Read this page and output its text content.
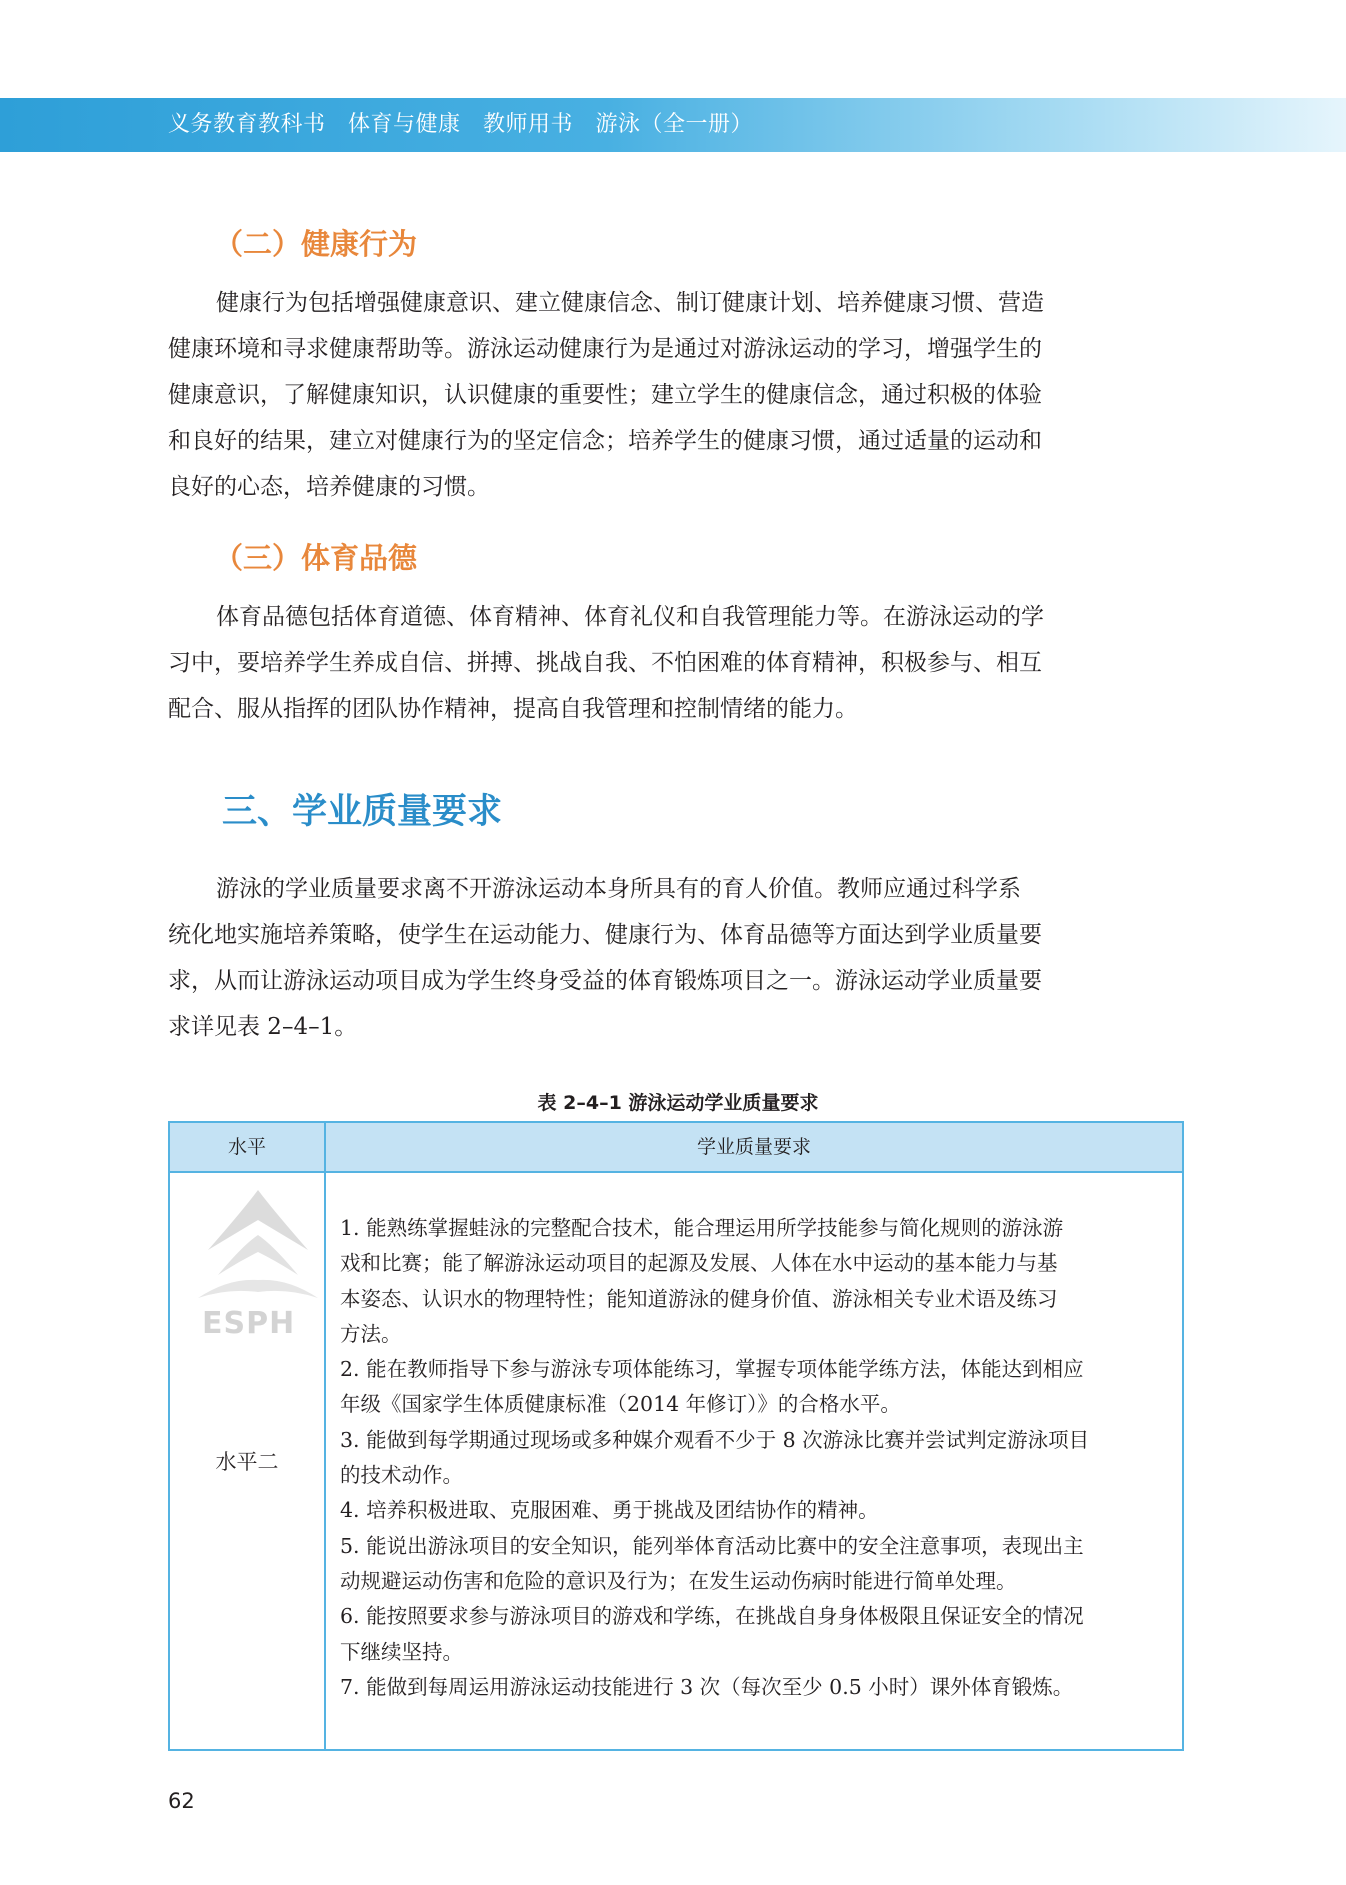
义务教育教科书   体育与健康   教师用书   游泳（全一册）
（二）健康行为
健康行为包括增强健康意识、建立健康信念、制订健康计划、培养健康习惯、营造
健康环境和寻求健康帮助等。游泳运动健康行为是通过对游泳运动的学习，增强学生的
健康意识，了解健康知识，认识健康的重要性；建立学生的健康信念，通过积极的体验
和良好的结果，建立对健康行为的坚定信念；培养学生的健康习惯，通过适量的运动和
良好的心态，培养健康的习惯。
（三）体育品德
体育品德包括体育道德、体育精神、体育礼仪和自我管理能力等。在游泳运动的学
习中，要培养学生养成自信、拼搏、挑战自我、不怕困难的体育精神，积极参与、相互
配合、服从指挥的团队协作精神，提高自我管理和控制情绪的能力。
三、学业质量要求
游泳的学业质量要求离不开游泳运动本身所具有的育人价值。教师应通过科学系
统化地实施培养策略，使学生在运动能力、健康行为、体育品德等方面达到学业质量要
求，从而让游泳运动项目成为学生终身受益的体育锻炼项目之一。游泳运动学业质量要
求详见表 2–4–1。
表 2–4–1 游泳运动学业质量要求
ESPH
水平	学业质量要求
水平二
1. 能熟练掌握蛙泳的完整配合技术，能合理运用所学技能参与简化规则的游泳游
戏和比赛；能了解游泳运动项目的起源及发展、人体在水中运动的基本能力与基
本姿态、认识水的物理特性；能知道游泳的健身价值、游泳相关专业术语及练习
方法。
2. 能在教师指导下参与游泳专项体能练习，掌握专项体能学练方法，体能达到相应
年级《国家学生体质健康标准（2014 年修订）》的合格水平。
3. 能做到每学期通过现场或多种媒介观看不少于 8 次游泳比赛并尝试判定游泳项目
的技术动作。
4. 培养积极进取、克服困难、勇于挑战及团结协作的精神。
5. 能说出游泳项目的安全知识，能列举体育活动比赛中的安全注意事项，表现出主
动规避运动伤害和危险的意识及行为；在发生运动伤病时能进行简单处理。
6. 能按照要求参与游泳项目的游戏和学练，在挑战自身身体极限且保证安全的情况
下继续坚持。
7. 能做到每周运用游泳运动技能进行 3 次（每次至少 0.5 小时）课外体育锻炼。
62
